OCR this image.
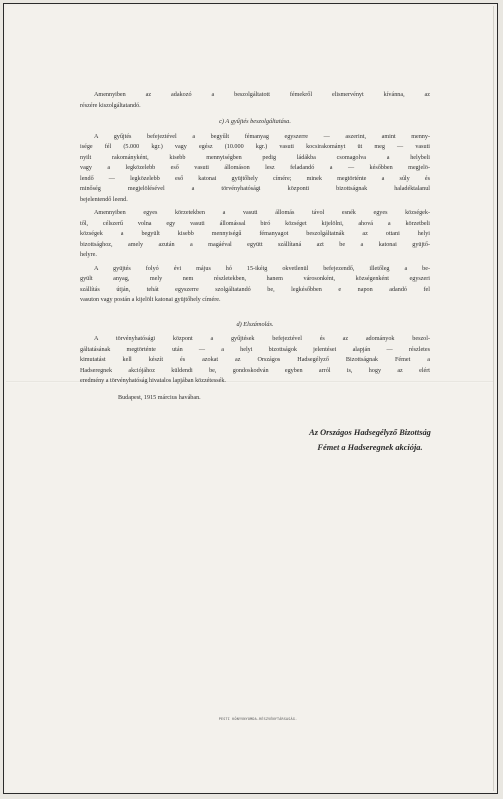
Amennyiben az adakozó a beszolgáltatott fémekről elismervényt kívánna, az
részére kiszolgáltatandó.

c) A gyűjtés beszolgáltatása.

A gyűjtés befejeztével a begyűlt fémanyag egyszerre — aszerint, amint menny-
isége fél (5.000 kgr.) vagy egész (10.000 kgr.) vasuti kocsirakományt üt meg — vasuti
nyilt rakományként, kisebb mennyiségben pedig ládákba csomagolva a helybeli
vagy a legközelebb eső vasuti állomáson lesz feladandó a — későbben megjelö-
lendő — legközelebb eső katonai gyüjtőhely címére; minek megtörténte a súly és
minőség megjelölésével a törvényhatósági központi bizottságnak haladéktalanul
bejelentendő leend.

Amennyiben egyes körzetekben a vasuti állomás távol esnék egyes községek-
től, célszerű volna egy vasuti állomással biró községet kijelölni, ahová a körzetbeli
községek a begyült kisebb mennyiségű fémanyagot beszolgáltatnák az ottani helyi
bizottsághoz, amely azután a magáéval együtt szállítaná azt be a katonai gyüjtő-
helyre.

A gyüjtés folyó évi május hó 15-ikéig okvetlenül befejezendő, illetőleg a be-
gyült anyag, mely nem részletekben, hanem városonként, községenként egyszeri
szállítás útján, tehát egyszerre szolgáltatandó be, legkésőbben e napon adandó fel
vasuton vagy postán a kijelölt katonai gyüjtőhely címére.

d) Elszámolás.

A törvényhatósági központ a gyűjtések befejeztével és az adományok beszol-
gáltatásának megtörténte után — a helyi bizottságok jelentései alapján — részletes
kimutatást kell készít és azokat az Országos Hadsegélyző Bizottságnak Fémet a
Hadseregnek akciójához küldendi be, gondoskodván egyben arról is, hogy az elért
eredmény a törvényhatóság hivatalos lapjában közzétessék.

Budapest, 1915 március havában.

Az Országos Hadsegélyző Bizottság
Fémet a Hadseregnek akciója.
PESTI KÖNYVNYOMDA-RÉSZVÉNYTÁRSASÁG.
